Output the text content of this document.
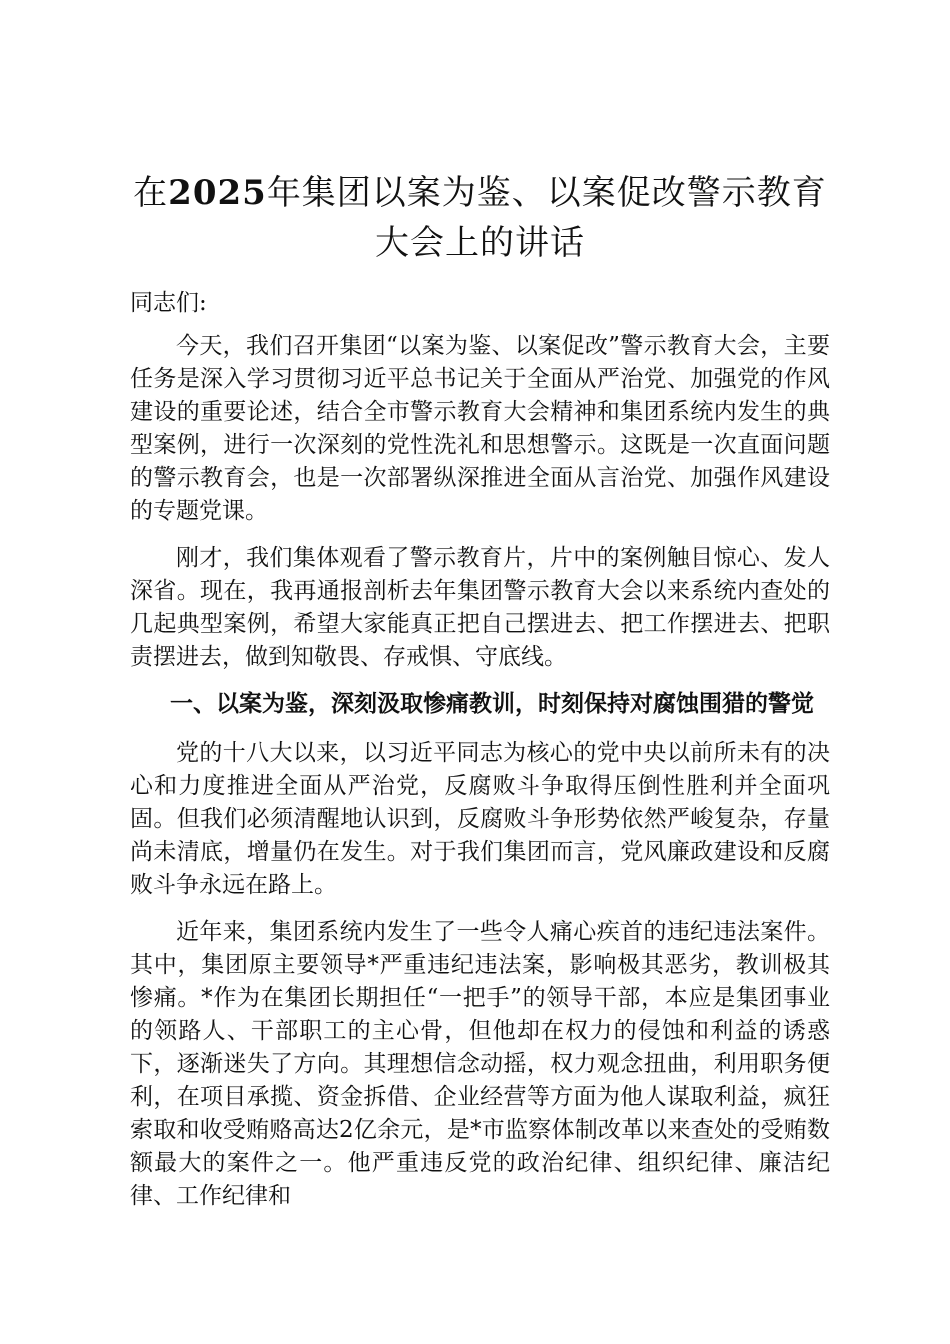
在2025年集团以案为鉴、以案促改警示教育
大会上的讲话

同志们:

今天，我们召开集团“以案为鉴、以案促改”警示教育大会，主要任务是深入学习贯彻习近平总书记关于全面从严治党、加强党的作风建设的重要论述，结合全市警示教育大会精神和集团系统内发生的典型案例，进行一次深刻的党性洗礼和思想警示。这既是一次直面问题的警示教育会，也是一次部署纵深推进全面从言治党、加强作风建设的专题党课。

刚才，我们集体观看了警示教育片，片中的案例触目惊心、发人深省。现在，我再通报剖析去年集团警示教育大会以来系统内查处的几起典型案例，希望大家能真正把自己摆进去、把工作摆进去、把职责摆进去，做到知敬畏、存戒惧、守底线。

一、以案为鉴，深刻汲取惨痛教训，时刻保持对腐蚀围猎的警觉

党的十八大以来，以习近平同志为核心的党中央以前所未有的决心和力度推进全面从严治党，反腐败斗争取得压倒性胜利并全面巩固。但我们必须清醒地认识到，反腐败斗争形势依然严峻复杂，存量尚未清底，增量仍在发生。对于我们集团而言，党风廉政建设和反腐败斗争永远在路上。

近年来，集团系统内发生了一些令人痛心疾首的违纪违法案件。其中，集团原主要领导*严重违纪违法案，影响极其恶劣，教训极其惨痛。*作为在集团长期担任“一把手”的领导干部，本应是集团事业的领路人、干部职工的主心骨，但他却在权力的侵蚀和利益的诱惑下，逐渐迷失了方向。其理想信念动摇，权力观念扭曲，利用职务便利，在项目承揽、资金拆借、企业经营等方面为他人谋取利益，疯狂索取和收受贿赂高达2亿余元，是*市监察体制改革以来查处的受贿数额最大的案件之一。他严重违反党的政治纪律、组织纪律、廉洁纪律、工作纪律和
